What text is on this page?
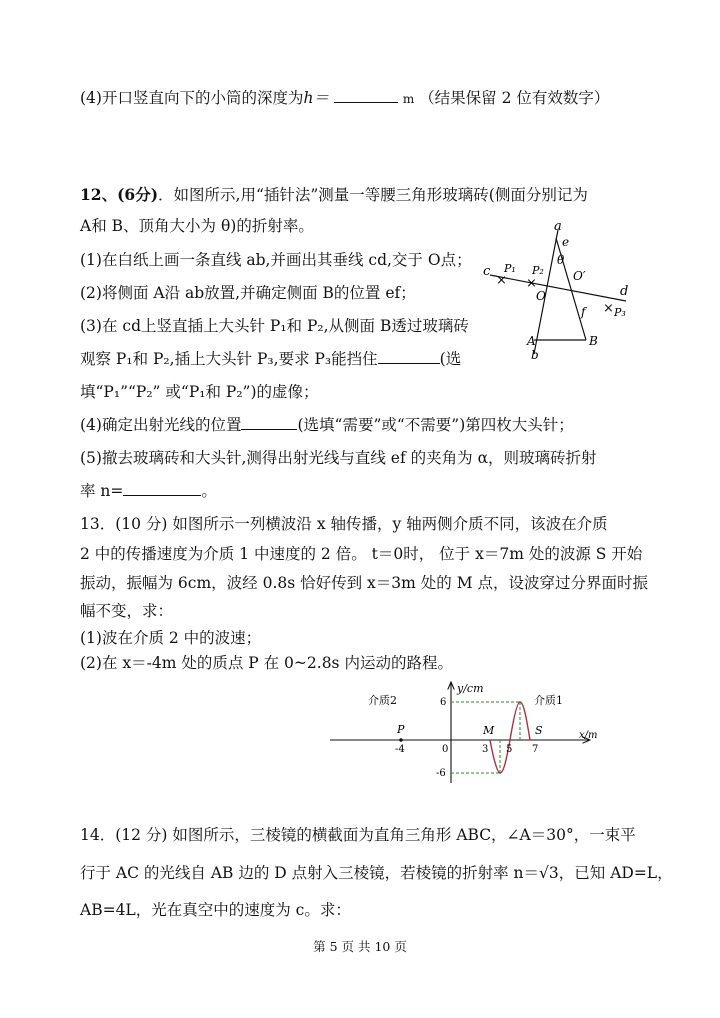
(4)开口竖直向下的小筒的深度为h＝	m （结果保留 2 位有效数字）
12、(6分)．如图所示,用“插针法”测量一等腰三角形玻璃砖(侧面分别记为
A和 B、顶角大小为 θ)的折射率。
(1)在白纸上画一条直线 ab,并画出其垂线 cd,交于 O点；
(2)将侧面 A沿 ab放置,并确定侧面 B的位置 ef；
(3)在 cd上竖直插上大头针 P₁和 P₂,从侧面 B透过玻璃砖
观察 P₁和 P₂,插上大头针 P₃,要求 P₃能挡住	(选
填“P₁”“P₂” 或“P₁和 P₂”)的虚像；
(4)确定出射光线的位置	(选填“需要”或“不需要”)第四枚大头针；
(5)撤去玻璃砖和大头针,测得出射光线与直线 ef 的夹角为 α，则玻璃砖折射
率 n=	。
a
e
θ
c
×
P₁
×
P₂
O
O′
d
f × P₃
A	B
b
13．(10 分) 如图所示一列横波沿 x 轴传播，y 轴两侧介质不同，该波在介质
2 中的传播速度为介质 1 中速度的 2 倍。 t＝0时， 位于 x＝7m 处的波源 S 开始
振动，振幅为 6cm，波经 0.8s 恰好传到 x＝3m 处的 M 点，设波穿过分界面时振
幅不变，求：
(1)波在介质 2 中的波速；
(2)在 x＝-4m 处的质点 P 在 0~2.8s 内运动的路程。
介质2	介质1
y/cm
x/m
6
-6
P
-4	0
M
3 5
S
7
14．(12 分) 如图所示，三棱镜的横截面为直角三角形 ABC，∠A＝30°，一束平
行于 AC 的光线自 AB 边的 D 点射入三棱镜，若棱镜的折射率 n＝√3，已知 AD=L，
AB=4L，光在真空中的速度为 c。求：
第 5 页 共 10 页
